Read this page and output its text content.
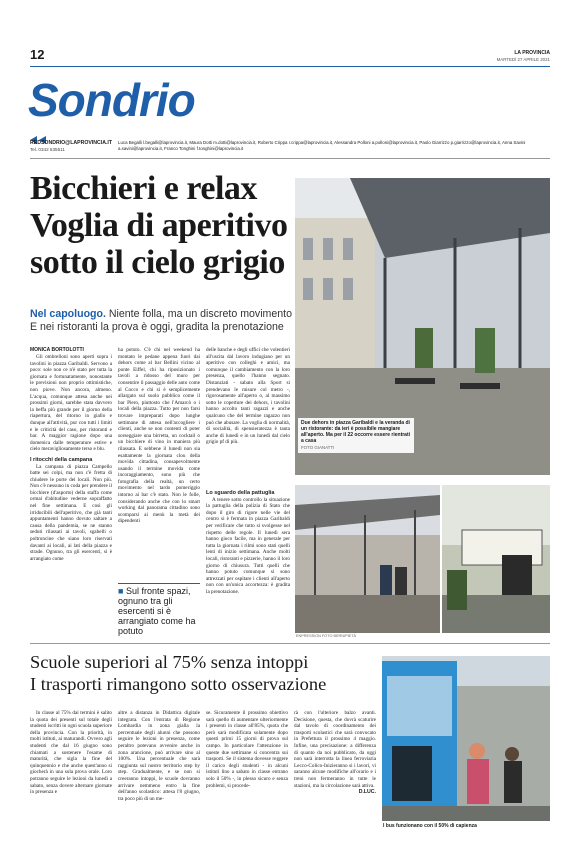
12	LA PROVINCIA
MARTEDÌ 27 APRILE 2021
Sondrio
REDSONDRIO@LAPROVINCIA.IT
Tel. 0342 535511
Luca Begalli l.begalli@laprovincia.it, Maura Dotti m.dotti@laprovincia.it, Roberto Crippa r.crippa@laprovincia.it, Alessandra Polloni a.polloni@laprovincia.it, Paolo Giarrizzo p.giarrizzo@laprovincia.it, Anna Savini a.savini@laprovincia.it, Franco Tonghini f.tonghini@laprovincia.it
Bicchieri e relax
Voglia di aperitivo
sotto il cielo grigio
Nel capoluogo. Niente folla, ma un discreto movimento E nei ristoranti la prova è oggi, gradita la prenotazione
Due dehors in piazza Garibaldi e la veranda di un ristorante: da ieri è possibile mangiare all'aperto. Ma per il 22 occorre essere rientrati a casa
FOTO GIANATTI
MONICA BORTOLOTTI

Gli ombrelloni sono aperti sopra i tavolini in piazza Garibaldi. Servono a poco: sole non ce n'è stato per tutta la giornata e fortunatamente, nonostante le previsioni non proprio ottimistiche, non piove. Non ancora, almeno. L'acqua, comunque attesa anche nei prossimi giorni, sarebbe stata davvero la beffa più grande per il giorno della riapertura, del ritorno in giallo e dunque all'attività, pur con tutti i limiti e le criticità del caso, per ristoranti e bar. A maggior ragione dopo una domenica dalle temperature estive e cielo meravigliosamente terso e blu.

I ritocchi della campana

La campana di piazza Campello batte sei colpi, ma non c'è fretta di chiudere le porte dei locali. Non più. Non c'è nessuno in coda per prendere il bicchiere (d'asporto) della staffa come ormai d'abitudine vederne sopraffatto nel fine settimana. E così gli irriducibili dell'aperitivo, che già tanti appuntamenti hanno dovuto saltare a causa della pandemia, se ne stanno seduti rilassati ai tavoli, sgabelli o poltroncine che siano loro riservati davanti ai locali, ai lati della piazza e strade. Ognuno, tra gli esercenti, si è arrangiato come

ha potuto. C'è chi nel weekend ha montato le pedane appena fuori dai dehors come al bar Bellini vicino al ponte Eiffel, chi ha riposizionato i tavoli a ridosso del muro per consentire il passaggio delle auto come al Cocco e chi si è semplicemente allargato sul suolo pubblico come il bar Piero, piuttosto che l'Amarcò o i locali della piazza. Tutto per non farsi trovare impreparati dopo lunghe settimane di attesa nell'accogliere i clienti, anche se non contenti di poter sorseggiare una birretta, un cocktail o un bicchiere di vino in maniera più rilassata. E sebbene il lunedì non sia esattamente la giornata clou della movida cittadina, consapevolmente usando il termine movida come incoraggiamento, sono più che fotografia della realtà, un certo movimento nel tardo pomeriggio intorno ai bar c'è stato. Non le folle, considerando anche che con lo smart working dal panorama cittadino sono scomparsi ai menù la metà dei dipendenti

■ Sul fronte spazi, ognuno tra gli esercenti si è arrangiato come ha potuto

delle banche e degli uffici che volentieri all'uscita dal lavoro indugiano per un aperitivo con colleghi e amici, ma comunque il cambiamento con la loro presenza, quello l'hanno segnato. Distanziati - sabato alla Sport si prendevano le misure col metro -, rigorosamente all'aperto o, al massimo sotto le coperture dei dehors, i tavolini hanno accolto tanti ragazzi e anche qualcuno che del termine ragazzo non può che abusare. La voglia di normalità, di socialità, di spensieratezza è tanta anche di lunedì e in un lunedì dal cielo grigio pf di più.

Lo sguardo della pattuglia

A tenere sotto controllo la situazione la pattuglia della polizia di Stato che dopo il giro di rigore nelle vie del centro si è fermata in piazza Garibaldi per verificare che tutto si svolgesse nel rispetto delle regole. Il lunedì sera hanno gioco facile, ma in generale per tutta la giornata i rilmi sono stati quelli lenti di inizio settimana. Anche molti locali, ristoranti e pizzerie, hanno il loro giorno di chiusura. Tutti quelli che hanno potuto comunque si sono attrezzati per ospitare i clienti all'aperto non con un'unica accortezza: è gradita la prenotazione.

ENPRESSION FOTO BERNIPIETÀ
Scuole superiori al 75% senza intoppi
I trasporti rimangono sotto osservazione

In classe al 75% dai termini è salito la quota dei presenti sul totale degli studenti iscritti in ogni scuola superiore della provincia. Con la priorità, in molti istituti, ai maturandi. Ovvero agli studenti che dal 16 giugno sono chiamati a sostenere l'esame di maturità, che sigla la fine del quinquennio e che anche quest'anno si giocherà in una sola prova orale. Loro potranno seguire le lezioni da lunedì a sabato, senza dovere alternare giornate in presenza e

altre a distanza in Didattica digitale integrata. Con l'entrata di Regione Lombardia in zona gialla la percentuale degli alunni che possono seguire le lezioni in presenza, come peraltro potevano avvenire anche in zona arancione, può arrivare sino al 100%. Una percentuale che sarà raggiunta sul nostro territorio step by step. Gradualmente, e se non si creeranno intoppi, le scuole dovranno arrivare nemmeno entro la fine dell'anno scolastico: attesa l'8 giugno, tra poco più di un me-

se. Sicuramente il prossimo obiettivo sarà quello di aumentare ulteriormente i presenti in classe all'85%, quota che però sarà modificata solamente dopo questi primi 15 giorni di prova sul campo. In particolare l'attenzione in queste due settimane si concentra sui trasporti. Se il sistema dovesse reggere il carico degli studenti - in alcuni istituti lino a sabato in classe entrano solo il 50% -, in plesso sicuro e senza problemi, si procede-

rà con l'ulteriore balzo avanti. Decisione, questa, che dovrà scaturire dal tavolo di coordinamento dei trasporti scolastici che sarà convocato in Prefettura il prossimo 4 maggio. Infine, una precisazione: a differenza di quanto da noi pubblicato, da oggi non sarà interrotta la linea ferroviaria Lecco-Colico-Inizieranno si i lavori, vi saranno alcune modifiche all'orario e i treni non fermeranno in tutte le stazioni, ma la circolazione sarà attiva.

D.LUC.
I bus funzionano con il 50% di capienza
